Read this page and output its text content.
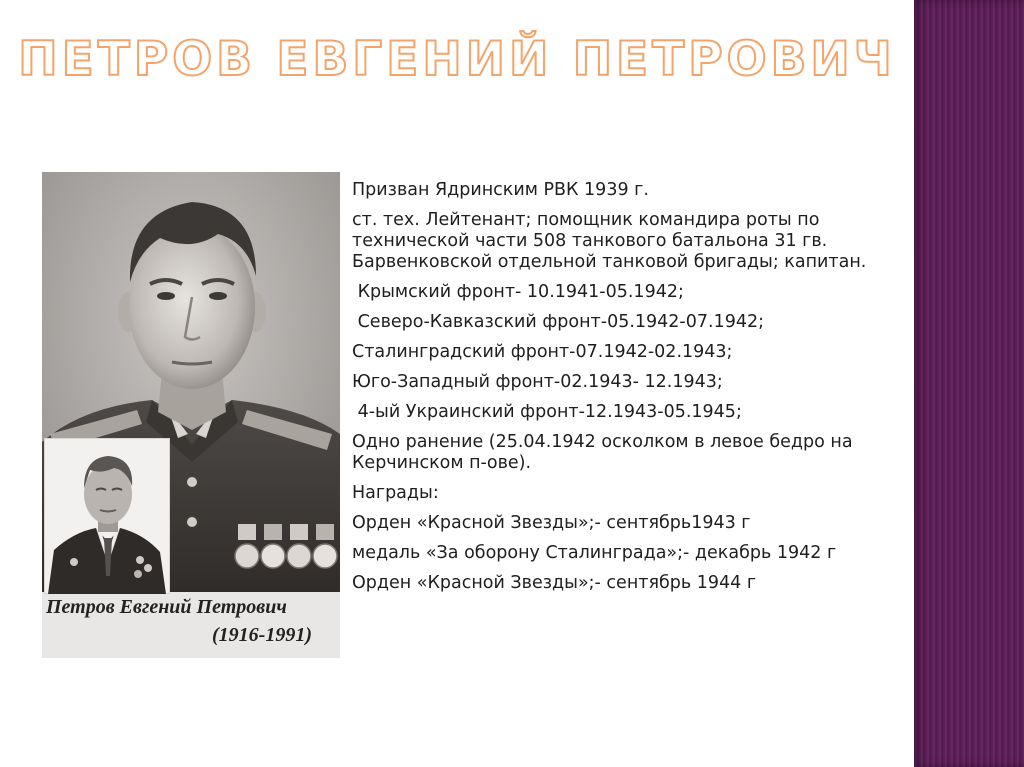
ПЕТРОВ ЕВГЕНИЙ ПЕТРОВИЧ
Петров Евгений Петрович
(1916-1991)
Призван Ядринским РВК 1939 г.
ст. тех. Лейтенант; помощник командира роты по технической части 508 танкового батальона 31 гв. Барвенковской отдельной танковой бригады; капитан.
Крымский фронт- 10.1941-05.1942;
Северо-Кавказский фронт-05.1942-07.1942;
Сталинградский фронт-07.1942-02.1943;
Юго-Западный фронт-02.1943- 12.1943;
4-ый Украинский фронт-12.1943-05.1945;
Одно ранение (25.04.1942 осколком в левое бедро на Керчинском п-ове).
Награды:
Орден «Красной Звезды»;- сентябрь1943 г
медаль «За оборону Сталинграда»;- декабрь 1942 г
Орден «Красной Звезды»;- сентябрь 1944 г
